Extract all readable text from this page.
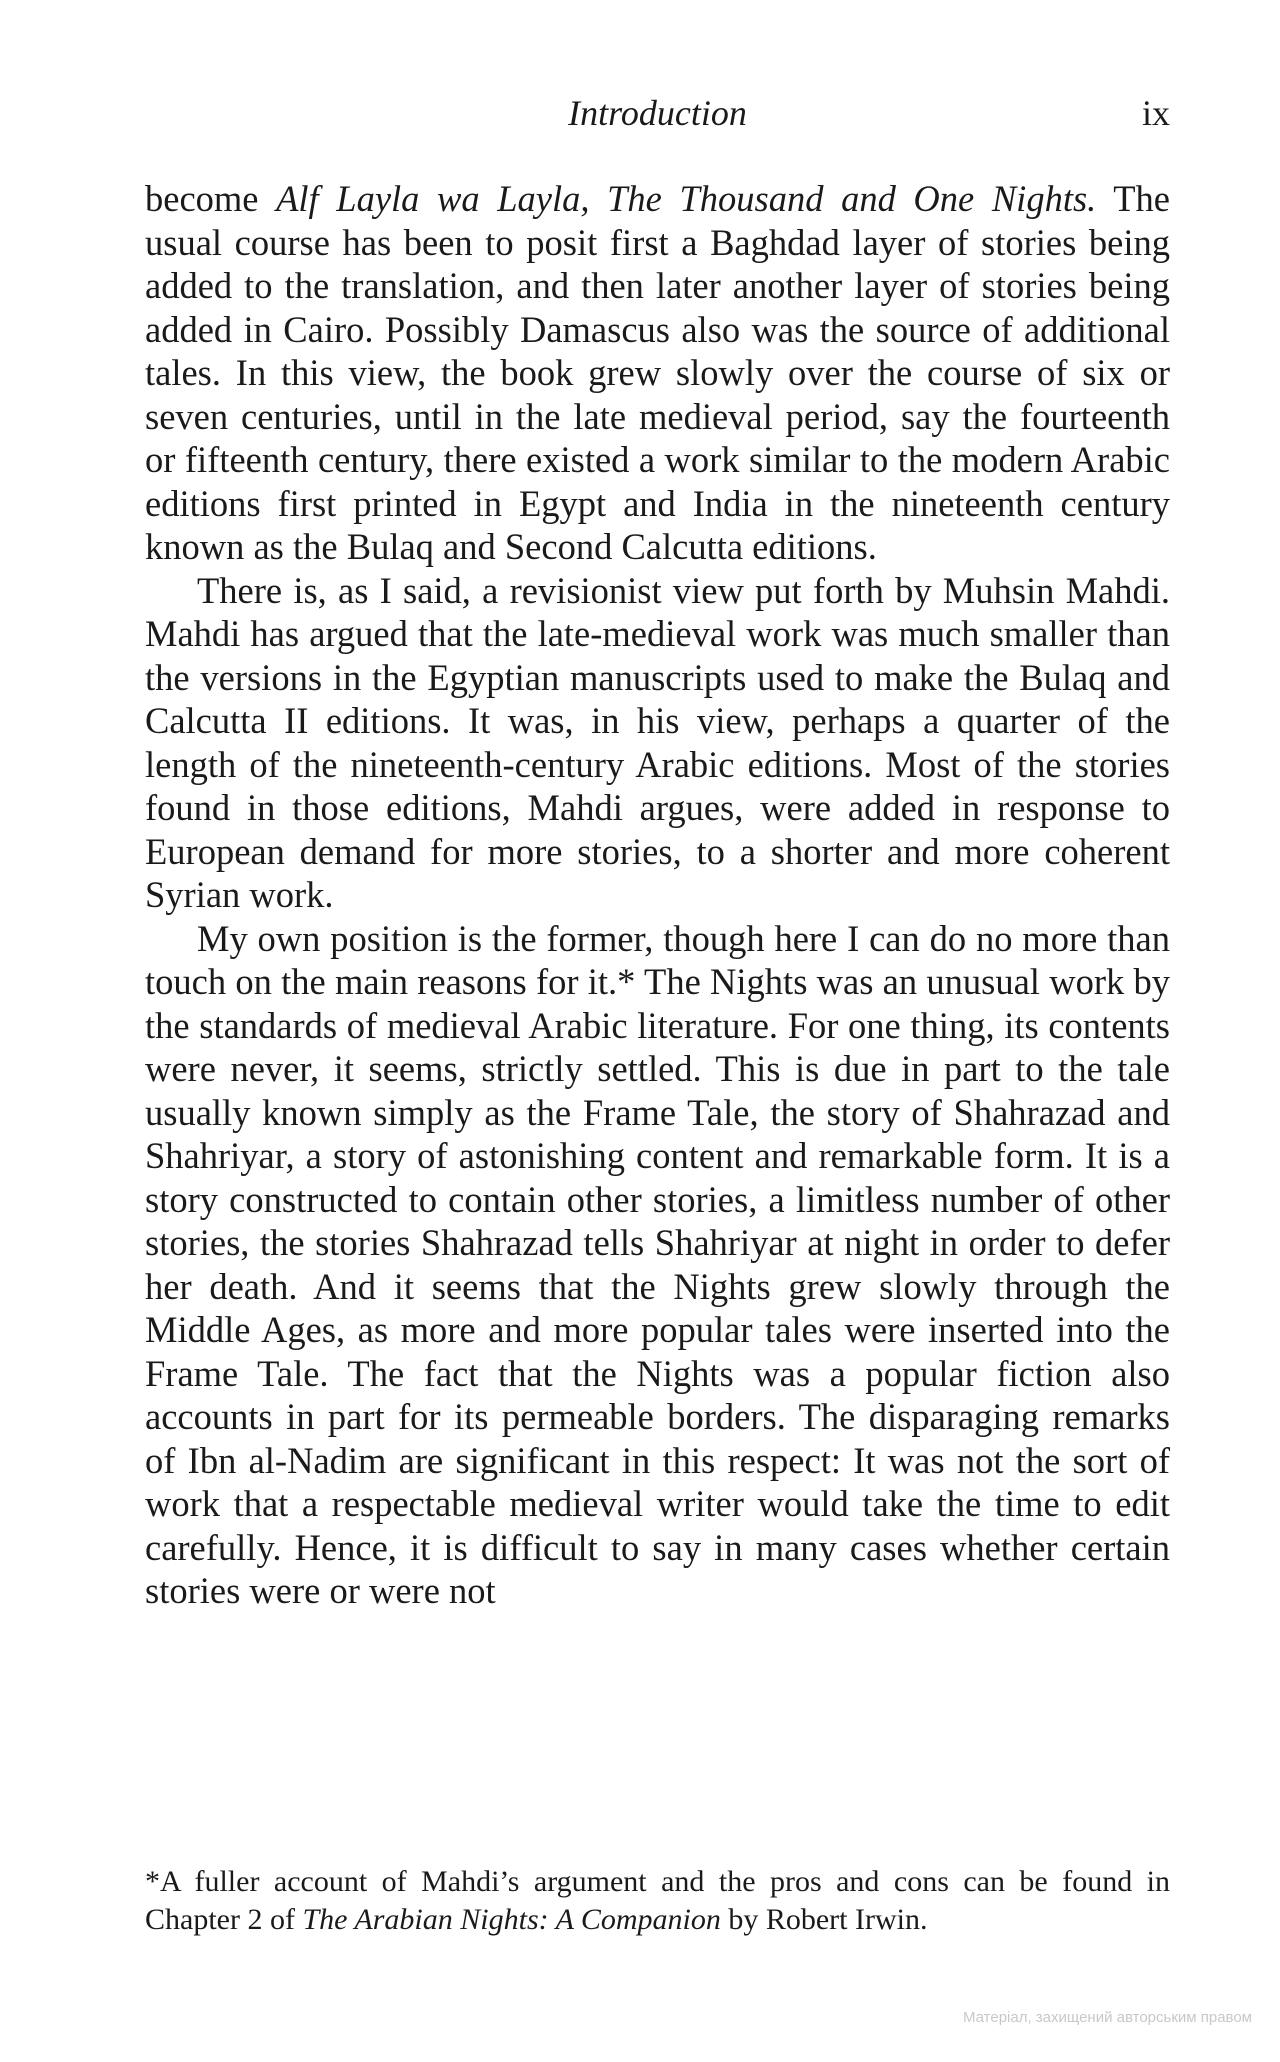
Introduction	ix

become Alf Layla wa Layla, The Thousand and One Nights. The usual course has been to posit first a Baghdad layer of stories being added to the translation, and then later another layer of stories being added in Cairo. Possibly Damascus also was the source of additional tales. In this view, the book grew slowly over the course of six or seven centuries, until in the late medieval period, say the fourteenth or fifteenth century, there existed a work similar to the modern Arabic editions first printed in Egypt and India in the nineteenth century known as the Bulaq and Second Calcutta editions.

There is, as I said, a revisionist view put forth by Muhsin Mahdi. Mahdi has argued that the late-medieval work was much smaller than the versions in the Egyptian manuscripts used to make the Bulaq and Calcutta II editions. It was, in his view, perhaps a quarter of the length of the nineteenth-century Arabic editions. Most of the stories found in those editions, Mahdi argues, were added in response to European demand for more stories, to a shorter and more coherent Syrian work.

My own position is the former, though here I can do no more than touch on the main reasons for it.* The Nights was an unusual work by the standards of medieval Arabic literature. For one thing, its contents were never, it seems, strictly settled. This is due in part to the tale usually known simply as the Frame Tale, the story of Shahrazad and Shahriyar, a story of astonishing content and remarkable form. It is a story constructed to contain other stories, a limitless number of other stories, the stories Shahrazad tells Shahriyar at night in order to defer her death. And it seems that the Nights grew slowly through the Middle Ages, as more and more popular tales were inserted into the Frame Tale. The fact that the Nights was a popular fiction also accounts in part for its permeable borders. The disparaging remarks of Ibn al-Nadim are significant in this respect: It was not the sort of work that a respectable medieval writer would take the time to edit carefully. Hence, it is difficult to say in many cases whether certain stories were or were not

*A fuller account of Mahdi’s argument and the pros and cons can be found in Chapter 2 of The Arabian Nights: A Companion by Robert Irwin.

Матеріал, захищений авторським правом
